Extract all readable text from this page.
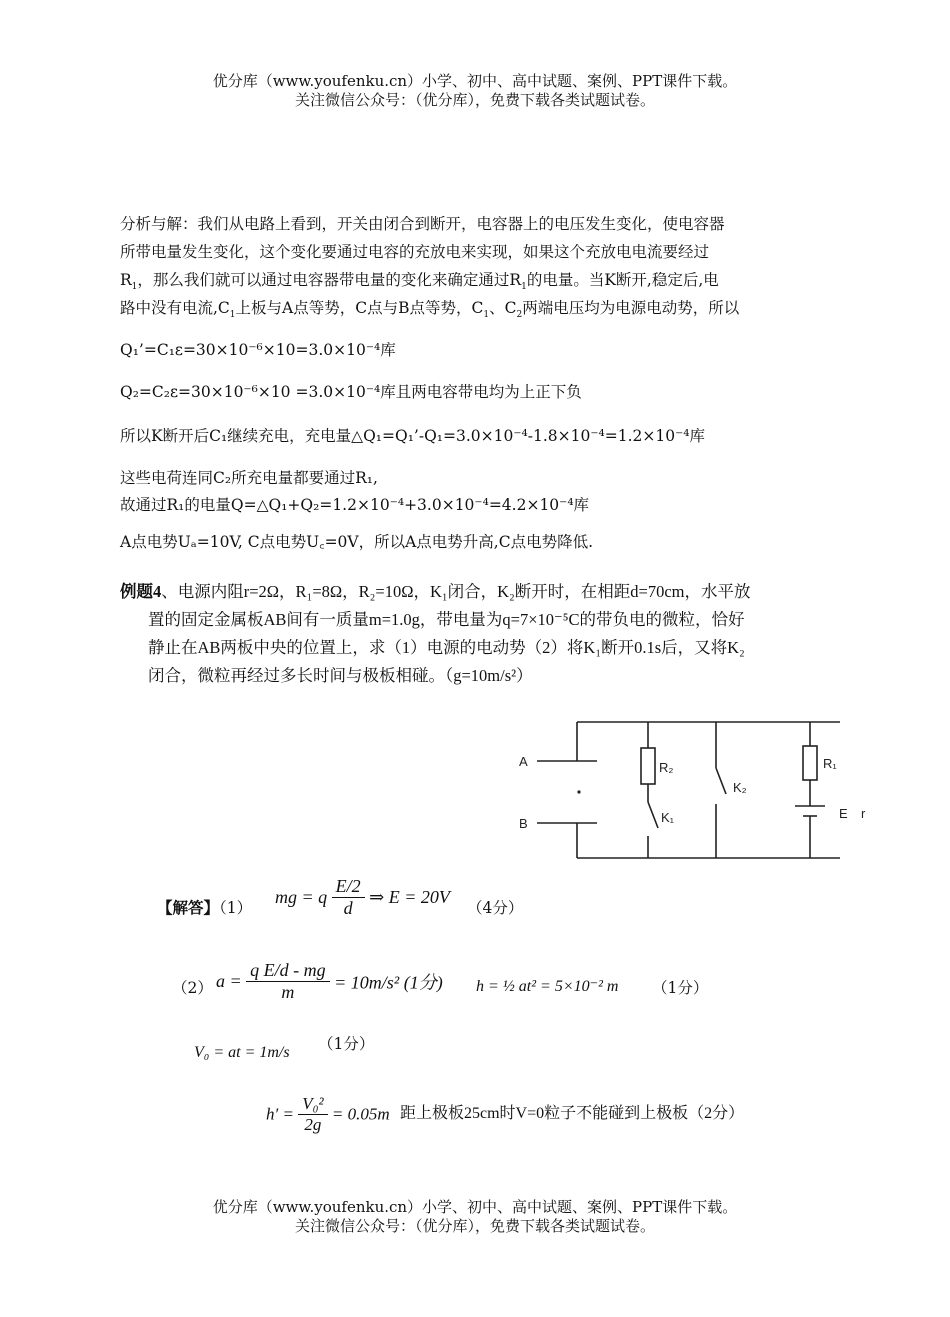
优分库（www.youfenku.cn）小学、初中、高中试题、案例、PPT课件下载。
关注微信公众号：（优分库），免费下载各类试题试卷。
分析与解：我们从电路上看到，开关由闭合到断开，电容器上的电压发生变化，使电容器
所带电量发生变化，这个变化要通过电容的充放电来实现，如果这个充放电电流要经过
$R_1$，那么我们就可以通过电容器带电量的变化来确定通过$R_1$的电量。当K断开,稳定后,电
路中没有电流$,C_1$上板与A点等势，C点与B点等势，$C_1$、$C_2$两端电压均为电源电动势，所以
Q₁’=C₁ε=30×10⁻⁶×10=3.0×10⁻⁴库
Q₂=C₂ε=30×10⁻⁶×10 =3.0×10⁻⁴库且两电容带电均为上正下负
所以K断开后C₁继续充电，充电量△Q₁=Q₁’-Q₁=3.0×10⁻⁴-1.8×10⁻⁴=1.2×10⁻⁴库
这些电荷连同C₂所充电量都要通过R₁,
故通过R₁的电量Q=△Q₁+Q₂=1.2×10⁻⁴+3.0×10⁻⁴=4.2×10⁻⁴库
A点电势Uₐ=10V, C点电势U꜀=0V，所以A点电势升高,C点电势降低.
例题4、电源内阻r=2Ω，R₁=8Ω，R₂=10Ω，K₁闭合，K₂断开时，在相距d=70cm，水平放
置的固定金属板AB间有一质量m=1.0g，带电量为q=7×10⁻⁵C的带负电的微粒，恰好
静止在AB两板中央的位置上，求（1）电源的电动势（2）将K₁断开0.1s后，又将K₂
闭合，微粒再经过多长时间与极板相碰。（g=10m/s²）
A
B
R₂
K₁
K₂
R₁
E r
【解答】（1）
mg = q $\frac{E/2}{d}$ ⇒ E = 20V
（4分）
（2） $a = \frac{\text{q E/d - mg}}{m} = 10m/s^2$ (1分) h = ½ at² = 5×10⁻² m （1分）
V₀ = at = 1m/s （1分）
$h' = \frac{\text{V₀²}}{2g} = 0.05m$ 距上极板25cm时V=0粒子不能碰到上极板（2分）
优分库（www.youfenku.cn）小学、初中、高中试题、案例、PPT课件下载。
关注微信公众号：（优分库），免费下载各类试题试卷。
